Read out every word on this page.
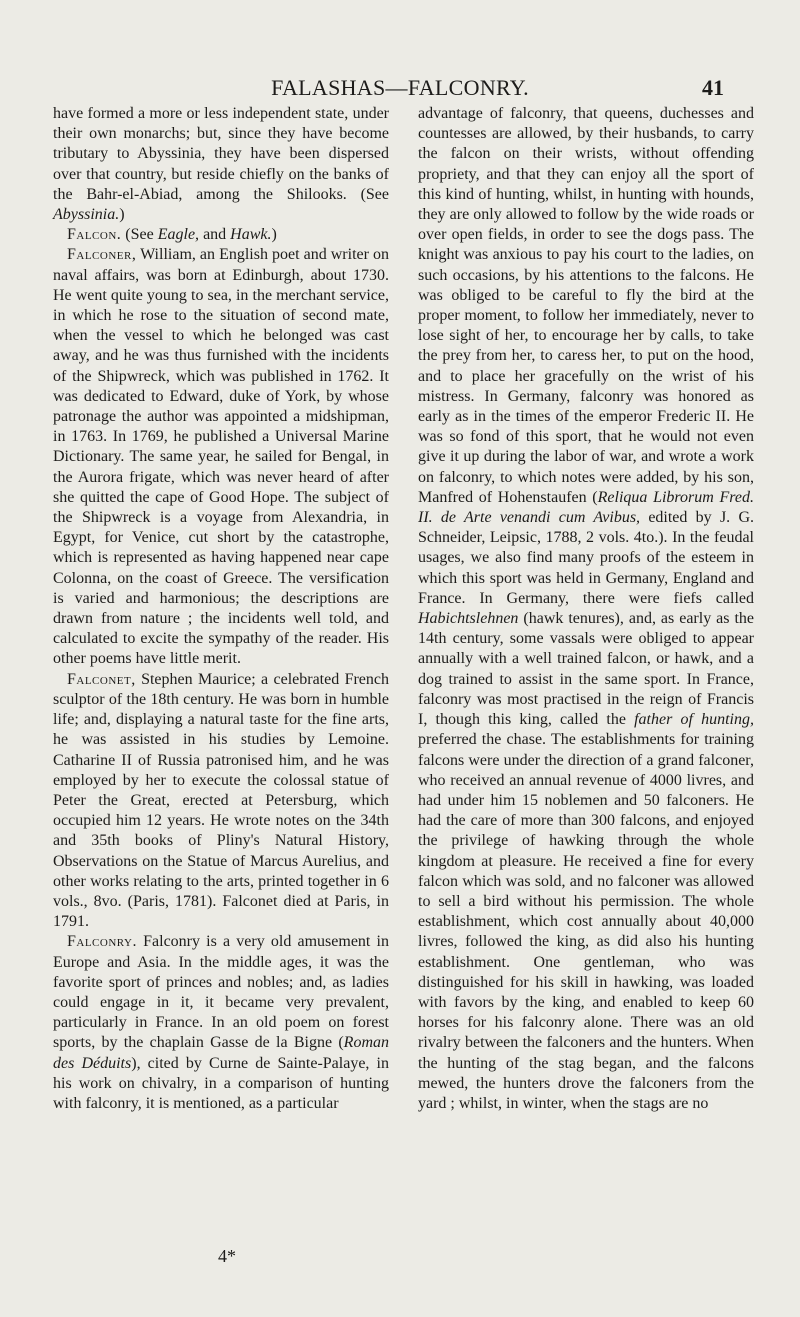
FALASHAS—FALCONRY.	41

have formed a more or less independent state, under their own monarchs; but, since they have become tributary to Abyssinia, they have been dispersed over that country, but reside chiefly on the banks of the Bahr-el-Abiad, among the Shilooks. (See Abyssinia.)

Falcon. (See Eagle, and Hawk.)

Falconer, William, an English poet and writer on naval affairs, was born at Edinburgh, about 1730. He went quite young to sea, in the merchant service, in which he rose to the situation of second mate, when the vessel to which he belonged was cast away, and he was thus furnished with the incidents of the Shipwreck, which was published in 1762. It was dedicated to Edward, duke of York, by whose patronage the author was appointed a midshipman, in 1763. In 1769, he published a Universal Marine Dictionary. The same year, he sailed for Bengal, in the Aurora frigate, which was never heard of after she quitted the cape of Good Hope. The subject of the Shipwreck is a voyage from Alexandria, in Egypt, for Venice, cut short by the catastrophe, which is represented as having happened near cape Colonna, on the coast of Greece. The versification is varied and harmonious; the descriptions are drawn from nature ; the incidents well told, and calculated to excite the sympathy of the reader. His other poems have little merit.

Falconet, Stephen Maurice; a celebrated French sculptor of the 18th century. He was born in humble life; and, displaying a natural taste for the fine arts, he was assisted in his studies by Lemoine. Catharine II of Russia patronised him, and he was employed by her to execute the colossal statue of Peter the Great, erected at Petersburg, which occupied him 12 years. He wrote notes on the 34th and 35th books of Pliny's Natural History, Observations on the Statue of Marcus Aurelius, and other works relating to the arts, printed together in 6 vols., 8vo. (Paris, 1781). Falconet died at Paris, in 1791.

Falconry. Falconry is a very old amusement in Europe and Asia. In the middle ages, it was the favorite sport of princes and nobles; and, as ladies could engage in it, it became very prevalent, particularly in France. In an old poem on forest sports, by the chaplain Gasse de la Bigne (Roman des Déduits), cited by Curne de Sainte-Palaye, in his work on chivalry, in a comparison of hunting with falconry, it is mentioned, as a particular

advantage of falconry, that queens, duchesses and countesses are allowed, by their husbands, to carry the falcon on their wrists, without offending propriety, and that they can enjoy all the sport of this kind of hunting, whilst, in hunting with hounds, they are only allowed to follow by the wide roads or over open fields, in order to see the dogs pass. The knight was anxious to pay his court to the ladies, on such occasions, by his attentions to the falcons. He was obliged to be careful to fly the bird at the proper moment, to follow her immediately, never to lose sight of her, to encourage her by calls, to take the prey from her, to caress her, to put on the hood, and to place her gracefully on the wrist of his mistress. In Germany, falconry was honored as early as in the times of the emperor Frederic II. He was so fond of this sport, that he would not even give it up during the labor of war, and wrote a work on falconry, to which notes were added, by his son, Manfred of Hohenstaufen (Reliqua Librorum Fred. II. de Arte venandi cum Avibus, edited by J. G. Schneider, Leipsic, 1788, 2 vols. 4to.). In the feudal usages, we also find many proofs of the esteem in which this sport was held in Germany, England and France. In Germany, there were fiefs called Habichtslehnen (hawk tenures), and, as early as the 14th century, some vassals were obliged to appear annually with a well trained falcon, or hawk, and a dog trained to assist in the same sport. In France, falconry was most practised in the reign of Francis I, though this king, called the father of hunting, preferred the chase. The establishments for training falcons were under the direction of a grand falconer, who received an annual revenue of 4000 livres, and had under him 15 noblemen and 50 falconers. He had the care of more than 300 falcons, and enjoyed the privilege of hawking through the whole kingdom at pleasure. He received a fine for every falcon which was sold, and no falconer was allowed to sell a bird without his permission. The whole establishment, which cost annually about 40,000 livres, followed the king, as did also his hunting establishment. One gentleman, who was distinguished for his skill in hawking, was loaded with favors by the king, and enabled to keep 60 horses for his falconry alone. There was an old rivalry between the falconers and the hunters. When the hunting of the stag began, and the falcons mewed, the hunters drove the falconers from the yard ; whilst, in winter, when the stags are no

4*
